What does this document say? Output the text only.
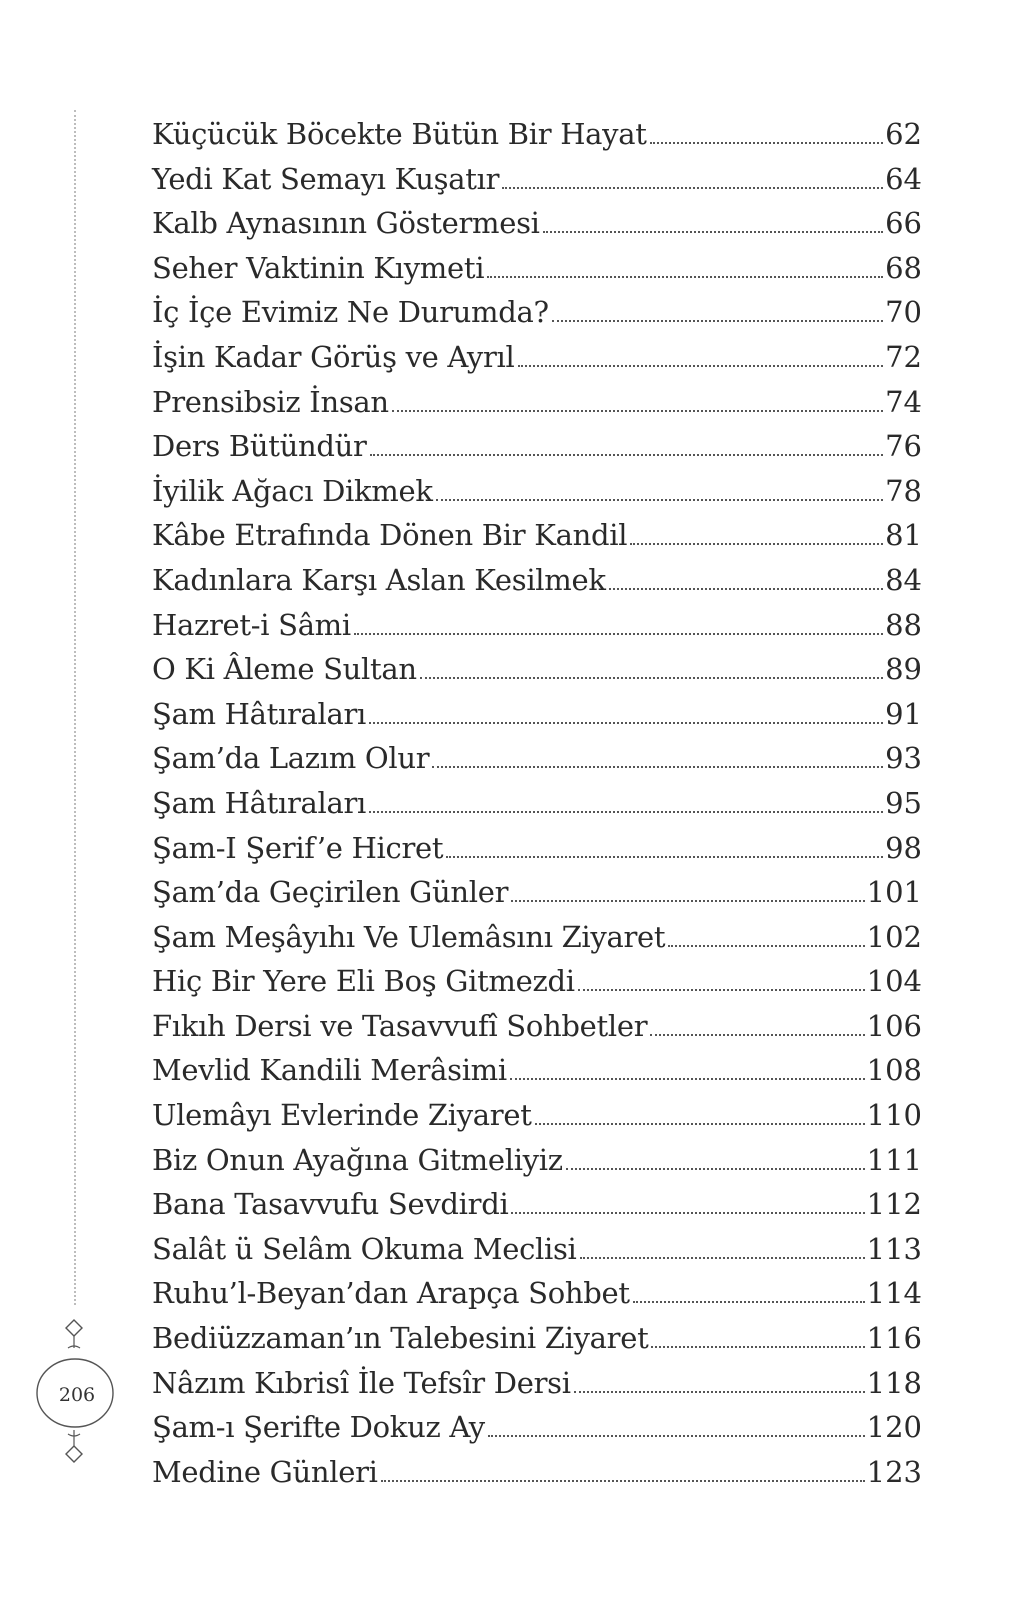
206
Küçücük Böcekte Bütün Bir Hayat	62
Yedi Kat Semayı Kuşatır	64
Kalb Aynasının Göstermesi	66
Seher Vaktinin Kıymeti	68
İç İçe Evimiz Ne Durumda?	70
İşin Kadar Görüş ve Ayrıl	72
Prensibsiz İnsan	74
Ders Bütündür	76
İyilik Ağacı Dikmek	78
Kâbe Etrafında Dönen Bir Kandil	81
Kadınlara Karşı Aslan Kesilmek	84
Hazret-i Sâmi	88
O Ki Âleme Sultan	89
Şam Hâtıraları	91
Şam’da Lazım Olur	93
Şam Hâtıraları	95
Şam-I Şerif’e Hicret	98
Şam’da Geçirilen Günler	101
Şam Meşâyıhı Ve Ulemâsını Ziyaret	102
Hiç Bir Yere Eli Boş Gitmezdi	104
Fıkıh Dersi ve Tasavvufî Sohbetler	106
Mevlid Kandili Merâsimi	108
Ulemâyı Evlerinde Ziyaret	110
Biz Onun Ayağına Gitmeliyiz	111
Bana Tasavvufu Sevdirdi	112
Salât ü Selâm Okuma Meclisi	113
Ruhu’l-Beyan’dan Arapça Sohbet	114
Bediüzzaman’ın Talebesini Ziyaret	116
Nâzım Kıbrisî İle Tefsîr Dersi	118
Şam-ı Şerifte Dokuz Ay	120
Medine Günleri	123
